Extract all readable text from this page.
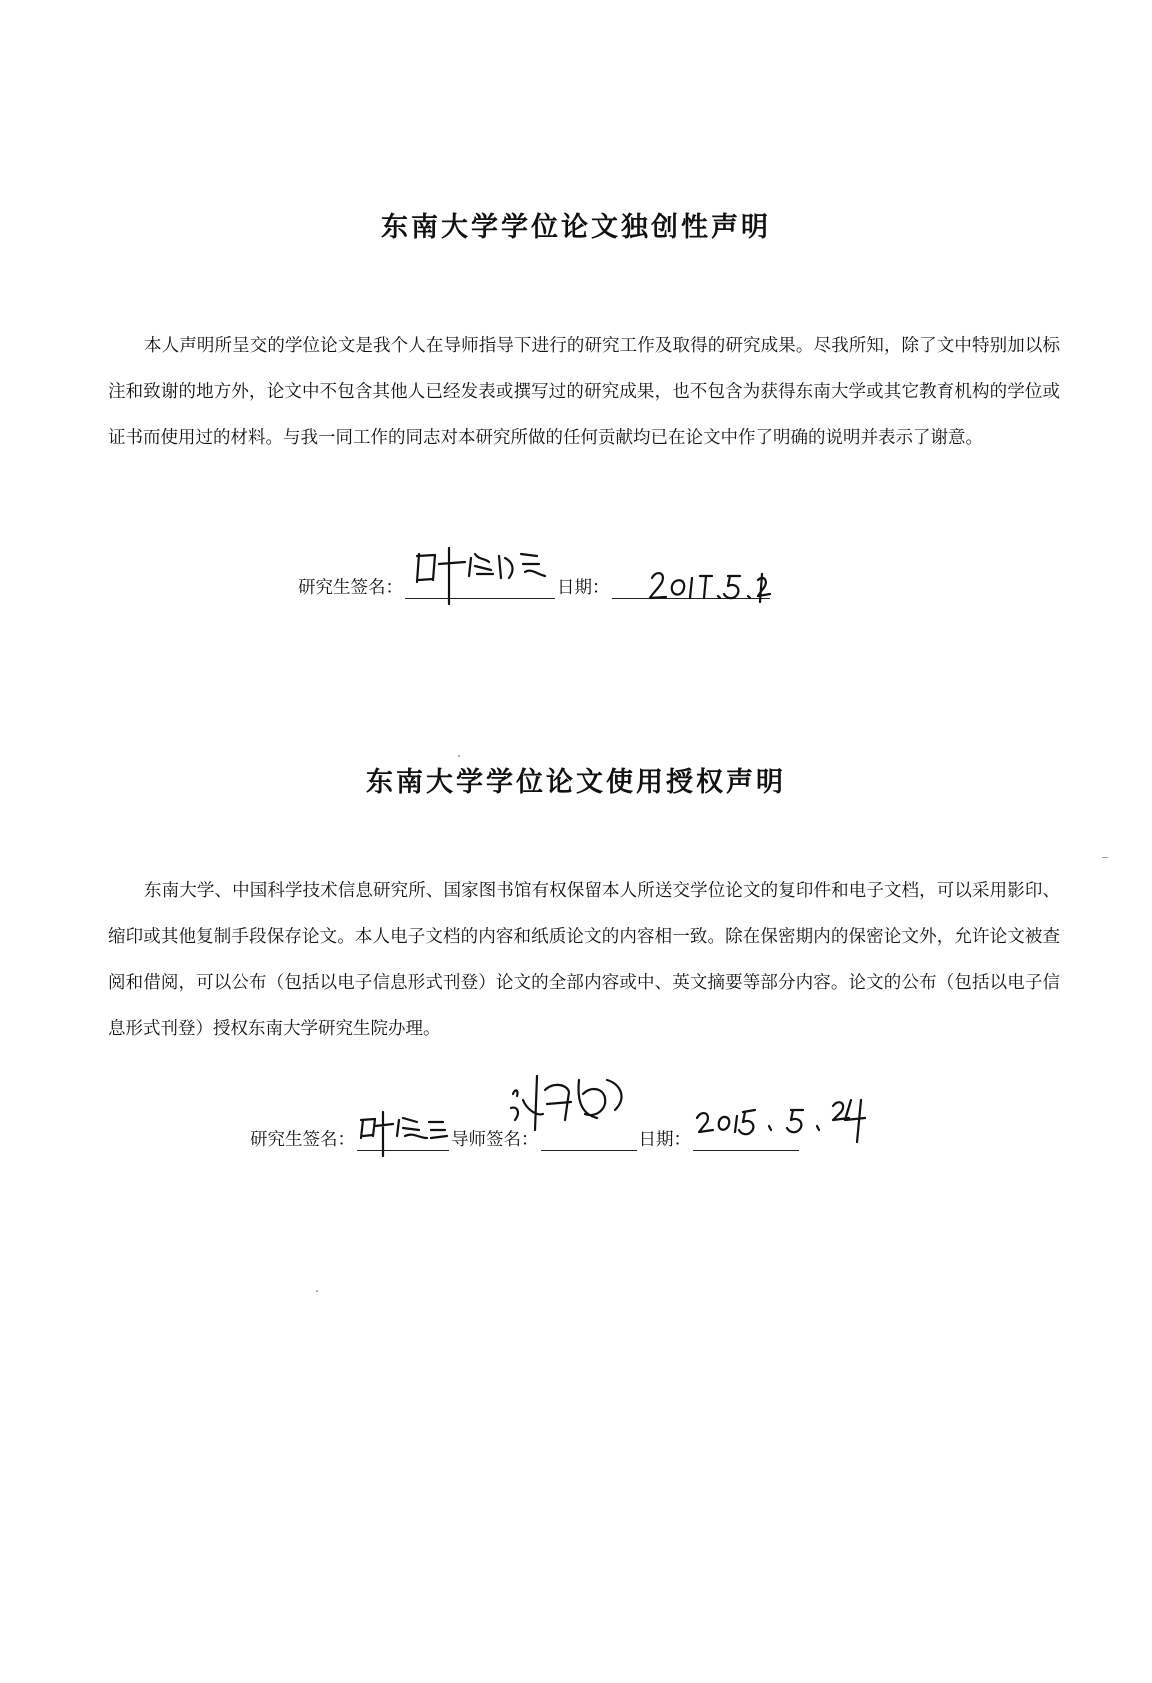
东南大学学位论文独创性声明

本人声明所呈交的学位论文是我个人在导师指导下进行的研究工作及取得的研究成果。尽我所知，除了文中特别加以标注和致谢的地方外，论文中不包含其他人已经发表或撰写过的研究成果，也不包含为获得东南大学或其它教育机构的学位或证书而使用过的材料。与我一同工作的同志对本研究所做的任何贡献均已在论文中作了明确的说明并表示了谢意。

研究生签名：	日期：
东南大学学位论文使用授权声明

东南大学、中国科学技术信息研究所、国家图书馆有权保留本人所送交学位论文的复印件和电子文档，可以采用影印、缩印或其他复制手段保存论文。本人电子文档的内容和纸质论文的内容相一致。除在保密期内的保密论文外，允许论文被查阅和借阅，可以公布（包括以电子信息形式刊登）论文的全部内容或中、英文摘要等部分内容。论文的公布（包括以电子信息形式刊登）授权东南大学研究生院办理。

研究生签名：	导师签名：	日期：
